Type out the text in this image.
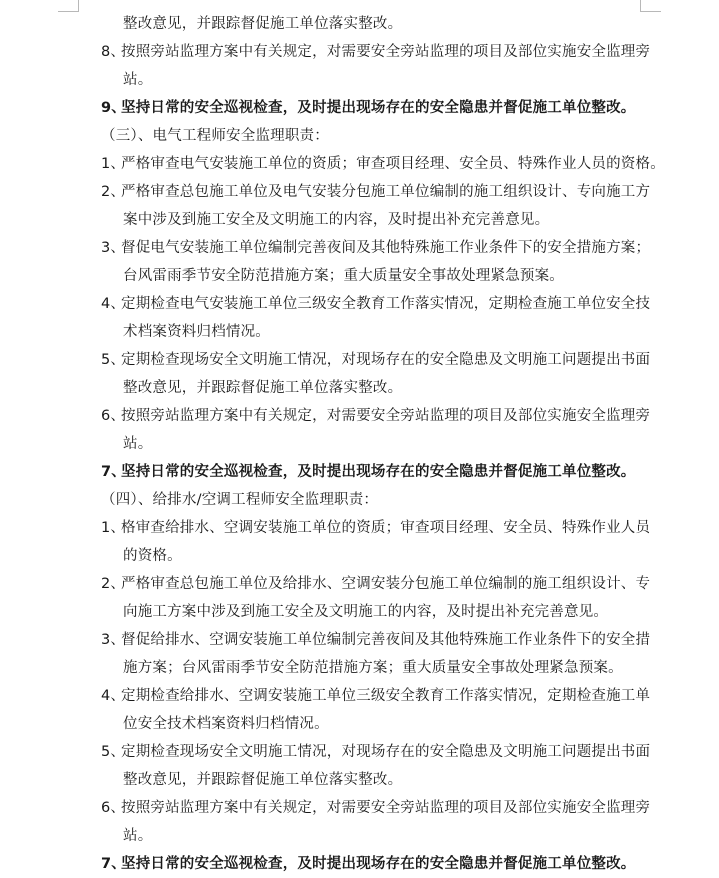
整改意见，并跟踪督促施工单位落实整改。
8、按照旁站监理方案中有关规定，对需要安全旁站监理的项目及部位实施安全监理旁
站。
9、坚持日常的安全巡视检查，及时提出现场存在的安全隐患并督促施工单位整改。
（三）、电气工程师安全监理职责：
1、严格审查电气安装施工单位的资质；审查项目经理、安全员、特殊作业人员的资格。
2、严格审查总包施工单位及电气安装分包施工单位编制的施工组织设计、专向施工方
案中涉及到施工安全及文明施工的内容，及时提出补充完善意见。
3、督促电气安装施工单位编制完善夜间及其他特殊施工作业条件下的安全措施方案；
台风雷雨季节安全防范措施方案；重大质量安全事故处理紧急预案。
4、定期检查电气安装施工单位三级安全教育工作落实情况，定期检查施工单位安全技
术档案资料归档情况。
5、定期检查现场安全文明施工情况，对现场存在的安全隐患及文明施工问题提出书面
整改意见，并跟踪督促施工单位落实整改。
6、按照旁站监理方案中有关规定，对需要安全旁站监理的项目及部位实施安全监理旁
站。
7、坚持日常的安全巡视检查，及时提出现场存在的安全隐患并督促施工单位整改。
（四）、给排水/空调工程师安全监理职责：
1、格审查给排水、空调安装施工单位的资质；审查项目经理、安全员、特殊作业人员
的资格。
2、严格审查总包施工单位及给排水、空调安装分包施工单位编制的施工组织设计、专
向施工方案中涉及到施工安全及文明施工的内容，及时提出补充完善意见。
3、督促给排水、空调安装施工单位编制完善夜间及其他特殊施工作业条件下的安全措
施方案；台风雷雨季节安全防范措施方案；重大质量安全事故处理紧急预案。
4、定期检查给排水、空调安装施工单位三级安全教育工作落实情况，定期检查施工单
位安全技术档案资料归档情况。
5、定期检查现场安全文明施工情况，对现场存在的安全隐患及文明施工问题提出书面
整改意见，并跟踪督促施工单位落实整改。
6、按照旁站监理方案中有关规定，对需要安全旁站监理的项目及部位实施安全监理旁
站。
7、坚持日常的安全巡视检查，及时提出现场存在的安全隐患并督促施工单位整改。
